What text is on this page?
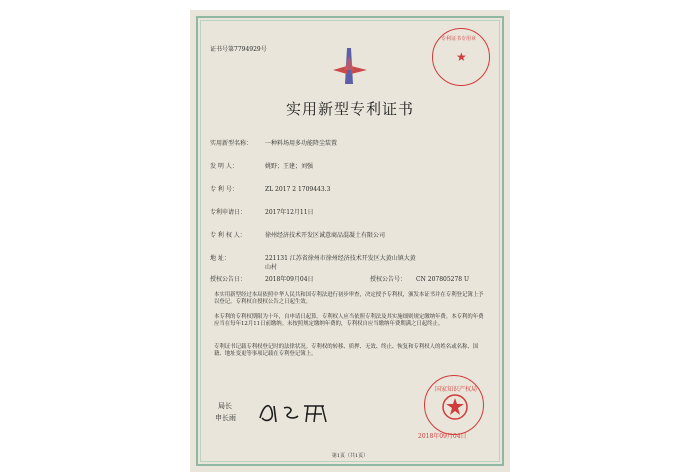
证书号第7794929号
专利证书专用章
★
实用新型专利证书
实用新型名称： 一种料场用多功能降尘装置
发 明 人：	姚野；王建；刘强
专 利 号：	ZL 2017 2 1709443.3
专利申请日：	2017年12月11日
专 利 权 人：	徐州经济技术开发区诚意商品混凝土有限公司
地 址：	221131 江苏省徐州市徐州经济技术开发区大黄山镇大黄
山村
授权公告日：	2018年09月04日	授权公告号： CN 207805278 U
本实用新型经过本局依照中华人民共和国专利法进行初步审查，决定授予专利权，颁发本证书并在专利登记簿上予以登记。专利权自授权公告之日起生效。
本专利的专利权期限为十年，自申请日起算。专利权人应当依照专利法及其实施细则规定缴纳年费。本专利的年费应当在每年12月11日前缴纳。未按照规定缴纳年费的，专利权自应当缴纳年费期满之日起终止。
专利证书记载专利权登记时的法律状况。专利权的转移、质押、无效、终止、恢复和专利权人的姓名或名称、国籍、地址变更等事项记载在专利登记簿上。
局长
申长雨
国家知识产权局
2018年09月04日
第1页（共1页）
